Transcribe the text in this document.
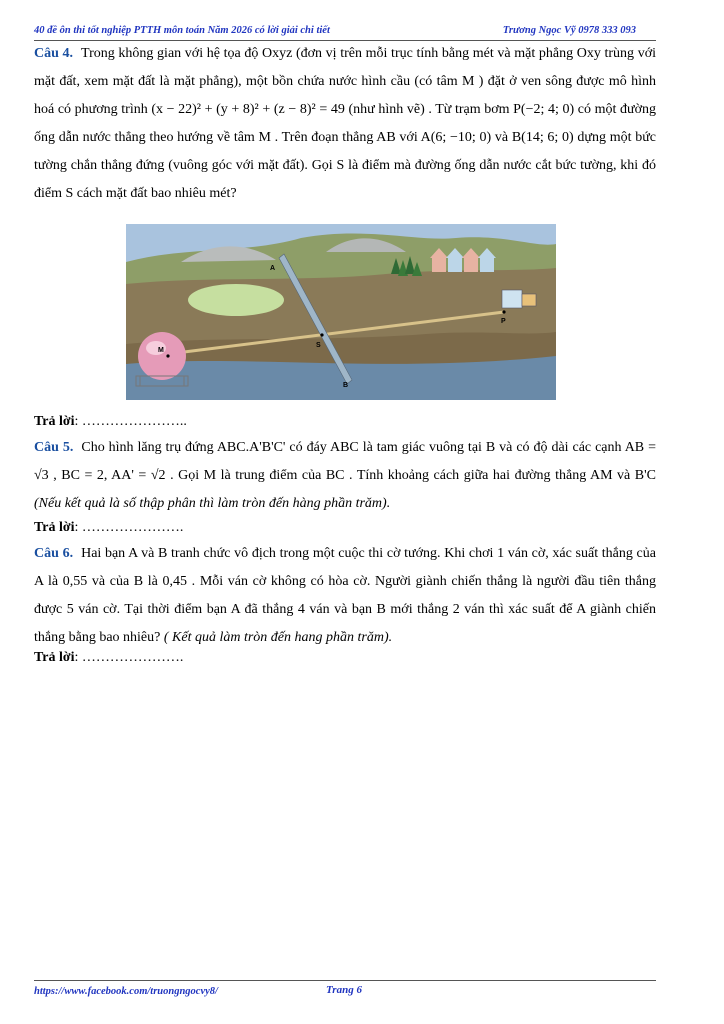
40 đề ôn thi tốt nghiệp PTTH môn toán Năm 2026 có lời giải chi tiết	Trương Ngọc Vỹ 0978 333 093
Câu 4. Trong không gian với hệ tọa độ Oxyz (đơn vị trên mỗi trục tính bằng mét và mặt phẳng Oxy trùng với mặt đất, xem mặt đất là mặt phẳng), một bồn chứa nước hình cầu (có tâm M ) đặt ở ven sông được mô hình hoá có phương trình (x − 22)² + (y + 8)² + (z − 8)² = 49 (như hình vẽ) . Từ trạm bơm P(−2; 4; 0) có một đường ống dẫn nước thẳng theo hướng về tâm M . Trên đoạn thẳng AB với A(6; −10; 0) và B(14; 6; 0) dựng một bức tường chắn thẳng đứng (vuông góc với mặt đất). Gọi S là điểm mà đường ống dẫn nước cắt bức tường, khi đó điểm S cách mặt đất bao nhiêu mét?
M
A
B
S
P
Trả lời: …………………..
Câu 5. Cho hình lăng trụ đứng ABC.A'B'C' có đáy ABC là tam giác vuông tại B và có độ dài các cạnh AB = √3 , BC = 2, AA' = √2 . Gọi M là trung điểm của BC . Tính khoảng cách giữa hai đường thẳng AM và B'C (Nếu kết quả là số thập phân thì làm tròn đến hàng phần trăm).
Trả lời: ………………….
Câu 6. Hai bạn A và B tranh chức vô địch trong một cuộc thi cờ tướng. Khi chơi 1 ván cờ, xác suất thắng của A là 0,55 và của B là 0,45 . Mỗi ván cờ không có hòa cờ. Người giành chiến thắng là người đầu tiên thắng được 5 ván cờ. Tại thời điểm bạn A đã thắng 4 ván và bạn B mới thắng 2 ván thì xác suất để A giành chiến thắng bằng bao nhiêu? ( Kết quả làm tròn đến hang phần trăm).
Trả lời: ………………….
https://www.facebook.com/truongngocvy8/	Trang 6
